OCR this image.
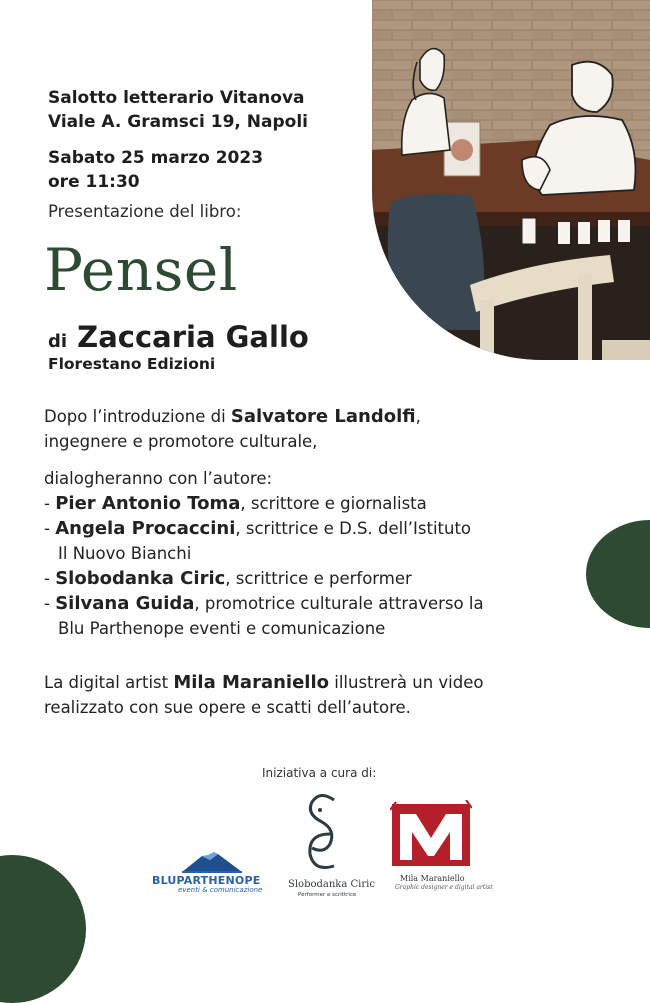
Salotto letterario Vitanova
Viale A. Gramsci 19, Napoli
Sabato 25 marzo 2023
ore 11:30
Presentazione del libro:
Pensel
di Zaccaria Gallo
Florestano Edizioni
Dopo l’introduzione di Salvatore Landolfi,
ingegnere e promotore culturale,
dialogheranno con l’autore:
- Pier Antonio Toma, scrittore e giornalista
- Angela Procaccini, scrittrice e D.S. dell’Istituto
Il Nuovo Bianchi
- Slobodanka Ciric, scrittrice e performer
- Silvana Guida, promotrice culturale attraverso la
Blu Parthenope eventi e comunicazione
La digital artist Mila Maraniello illustrerà un video
realizzato con sue opere e scatti dell’autore.
Iniziativa a cura di:
BLUPARTHENOPE
eventi & comunicazione	Slobodanka Ciric
Performer e scrittrice
Mila Maraniello
Graphic designer e digital artist
